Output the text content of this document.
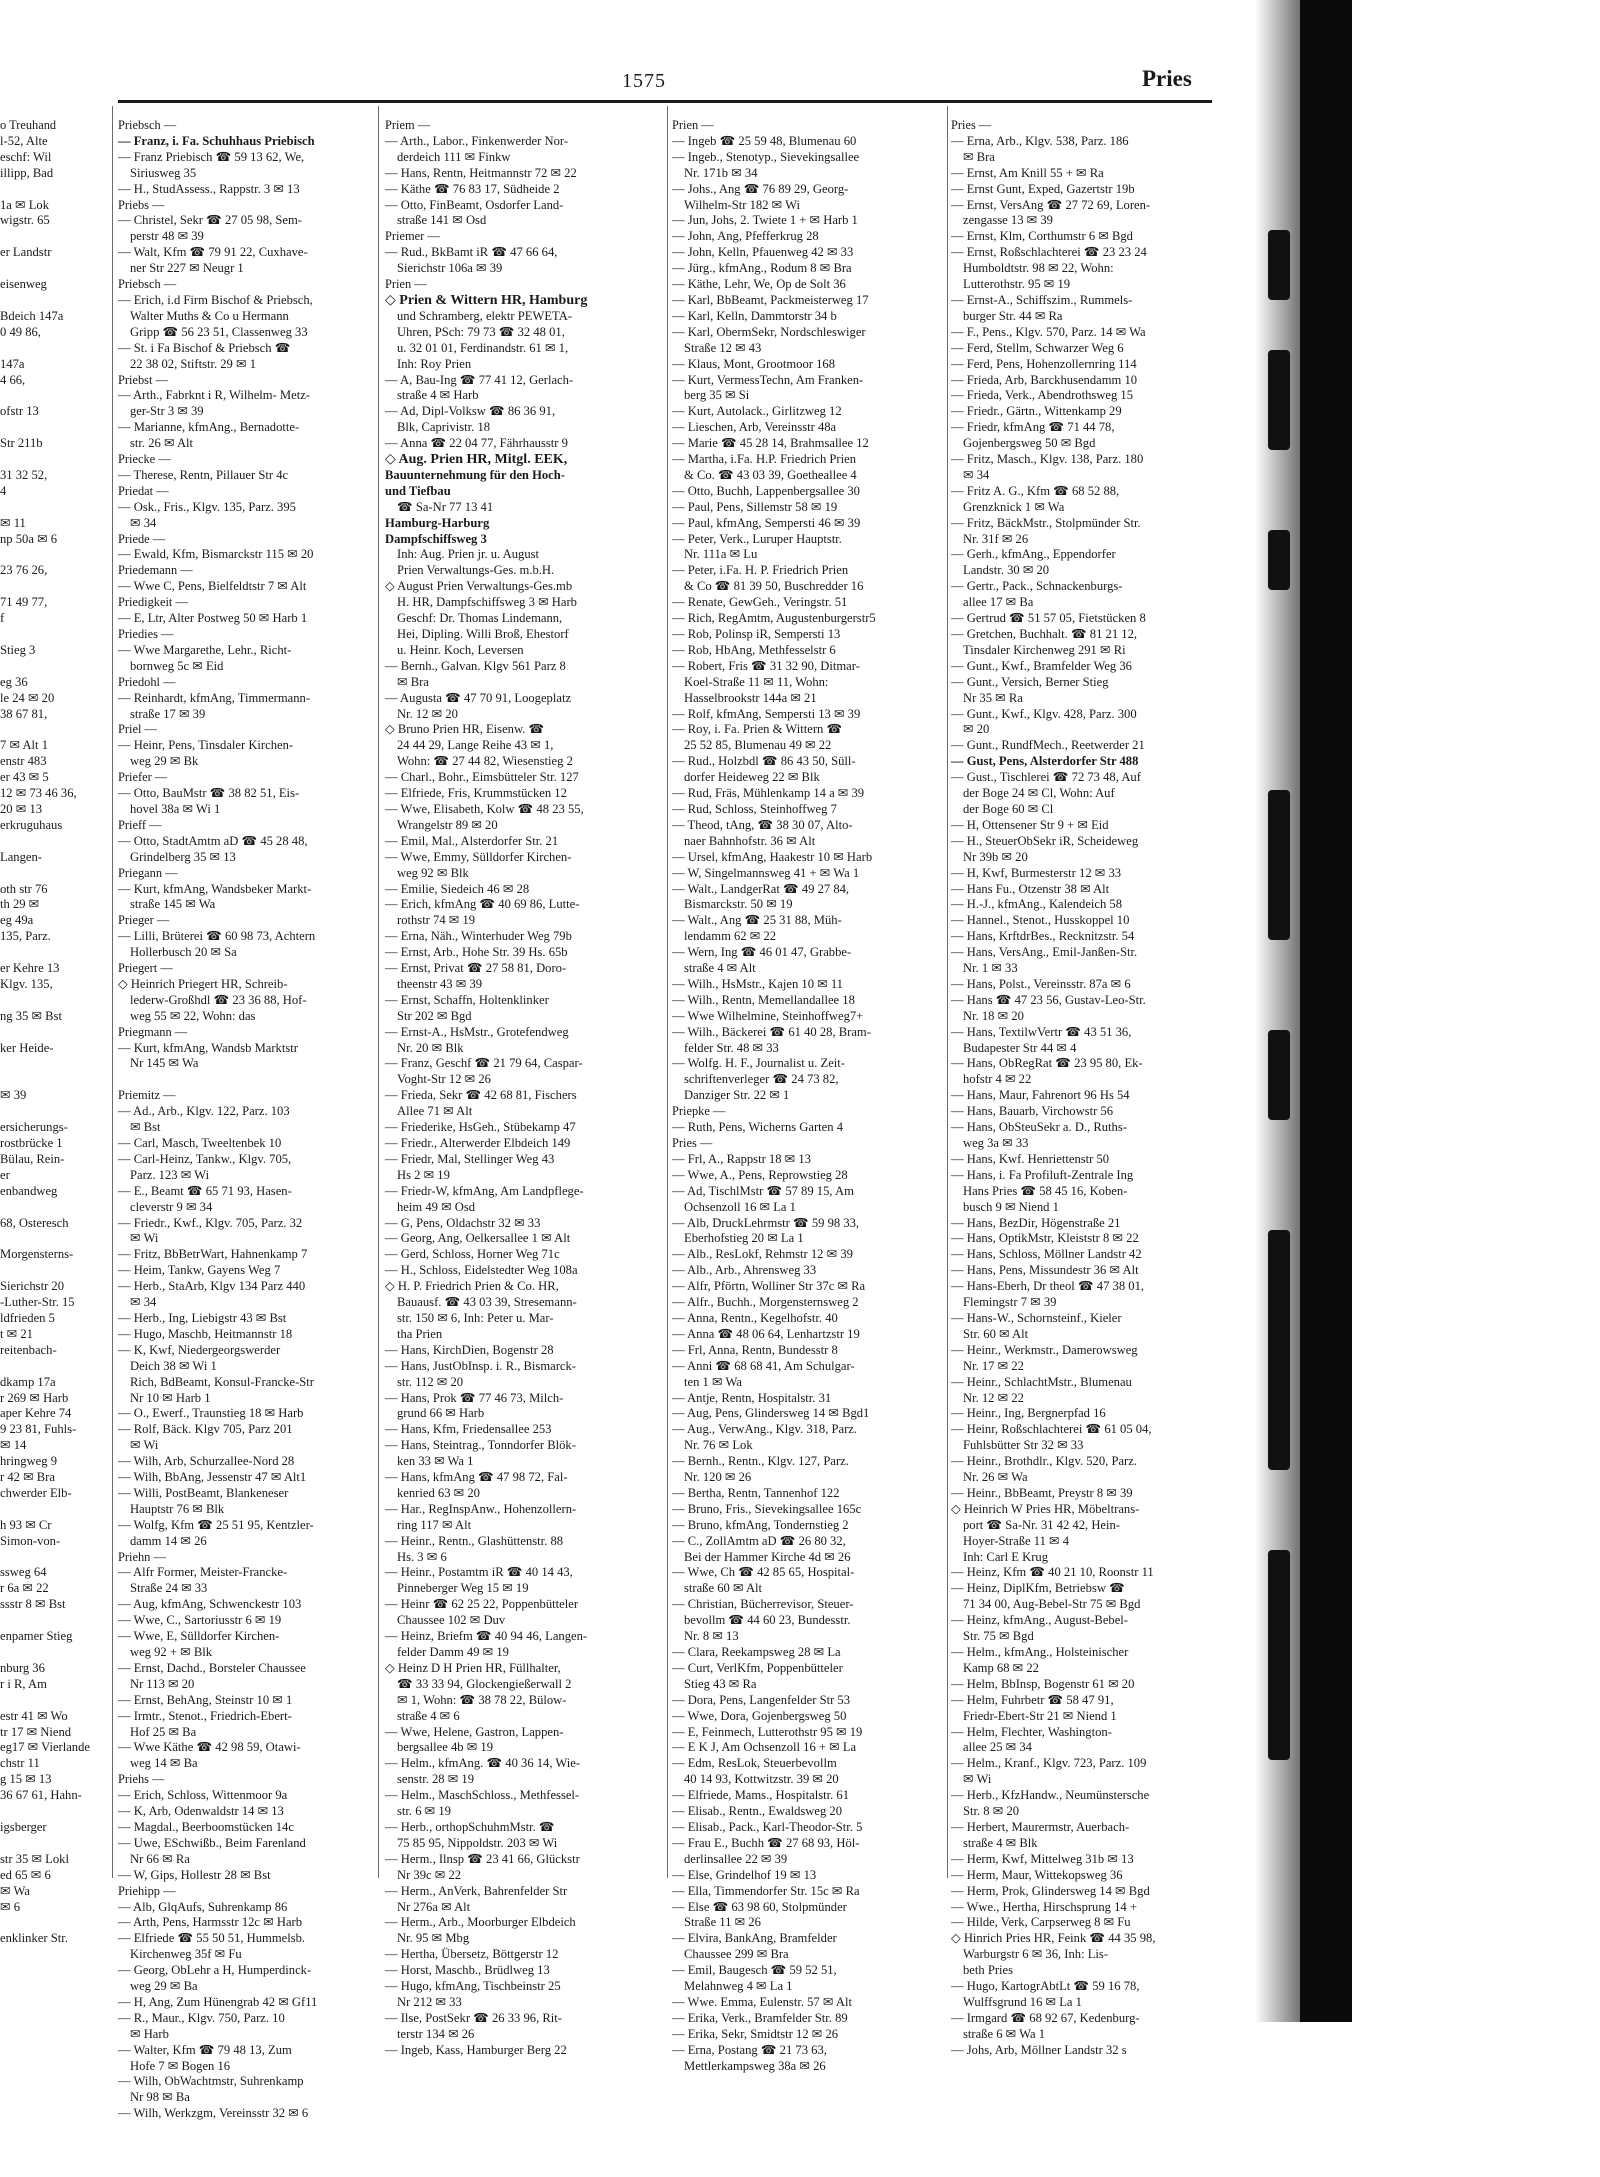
1575	Pries
o Treuhand
l-52, Alte
eschf: Wil
illipp, Bad

1a ✉ Lok
wigstr. 65

er Landstr

eisenweg

Bdeich 147a
0 49 86,

147a
4 66,

ofstr 13

Str 211b

31 32 52,
4

✉ 11
np 50a ✉ 6

23 76 26,

71 49 77,
f

Stieg 3

eg 36
le 24 ✉ 20
38 67 81,

7 ✉ Alt 1
enstr 483
er 43 ✉ 5
12 ✉ 73 46 36,
20 ✉ 13
erkruguhaus

Langen-

oth str 76
th 29 ✉
eg 49a
135, Parz.

er Kehre 13
Klgv. 135,

ng 35 ✉ Bst

ker Heide-

✉ 39

ersicherungs-
rostbrücke 1
Bülau, Rein-
er
enbandweg

68, Osteresch

Morgensterns-

Sierichstr 20
-Luther-Str. 15
ldfrieden 5
t ✉ 21
reitenbach-

dkamp 17a
r 269 ✉ Harb
aper Kehre 74
9 23 81, Fuhls-
✉ 14
hringweg 9
r 42 ✉ Bra
chwerder Elb-

h 93 ✉ Cr
Simon-von-

ssweg 64
r 6a ✉ 22
ssstr 8 ✉ Bst

enpamer Stieg

nburg 36
r i R, Am

estr 41 ✉ Wo
tr 17 ✉ Niend
eg17 ✉ Vierlande
chstr 11
g 15 ✉ 13
36 67 61, Hahn-

igsberger

str 35 ✉ Lokl
ed 65 ✉ 6
✉ Wa
✉ 6

enklinker Str.
Priebsch —
— Franz, i. Fa. Schuhhaus Priebisch
— Franz Priebisch ☎ 59 13 62, We,
Siriusweg 35
— H., StudAssess., Rappstr. 3 ✉ 13
Priebs —
— Christel, Sekr ☎ 27 05 98, Sem-
perstr 48 ✉ 39
— Walt, Kfm ☎ 79 91 22, Cuxhave-
ner Str 227 ✉ Neugr 1
Priebsch —
— Erich, i.d Firm Bischof & Priebsch,
Walter Muths & Co u Hermann
Gripp ☎ 56 23 51, Classenweg 33
— St. i Fa Bischof & Priebsch ☎
22 38 02, Stiftstr. 29 ✉ 1
Priebst —
— Arth., Fabrknt i R, Wilhelm- Metz-
ger-Str 3 ✉ 39
— Marianne, kfmAng., Bernadotte-
str. 26 ✉ Alt
Priecke —
— Therese, Rentn, Pillauer Str 4c
Priedat —
— Osk., Fris., Klgv. 135, Parz. 395
✉ 34
Priede —
— Ewald, Kfm, Bismarckstr 115 ✉ 20
Priedemann —
— Wwe C, Pens, Bielfeldtstr 7 ✉ Alt
Priedigkeit —
— E, Ltr, Alter Postweg 50 ✉ Harb 1
Priedies —
— Wwe Margarethe, Lehr., Richt-
bornweg 5c ✉ Eid
Priedohl —
— Reinhardt, kfmAng, Timmermann-
straße 17 ✉ 39
Priel —
— Heinr, Pens, Tinsdaler Kirchen-
weg 29 ✉ Bk
Priefer —
— Otto, BauMstr ☎ 38 82 51, Eis-
hovel 38a ✉ Wi 1
Prieff —
— Otto, StadtAmtm aD ☎ 45 28 48,
Grindelberg 35 ✉ 13
Priegann —
— Kurt, kfmAng, Wandsbeker Markt-
straße 145 ✉ Wa
Prieger —
— Lilli, Brüterei ☎ 60 98 73, Achtern
Hollerbusch 20 ✉ Sa
Priegert —
◇ Heinrich Priegert HR, Schreib-
lederw-Großhdl ☎ 23 36 88, Hof-
weg 55 ✉ 22, Wohn: das
Priegmann —
— Kurt, kfmAng, Wandsb Marktstr
Nr 145 ✉ Wa

Priemitz —
— Ad., Arb., Klgv. 122, Parz. 103
✉ Bst
— Carl, Masch, Tweeltenbek 10
— Carl-Heinz, Tankw., Klgv. 705,
Parz. 123 ✉ Wi
— E., Beamt ☎ 65 71 93, Hasen-
cleverstr 9 ✉ 34
— Friedr., Kwf., Klgv. 705, Parz. 32
✉ Wi
— Fritz, BbBetrWart, Hahnenkamp 7
— Heim, Tankw, Gayens Weg 7
— Herb., StaArb, Klgv 134 Parz 440
✉ 34
— Herb., Ing, Liebigstr 43 ✉ Bst
— Hugo, Maschb, Heitmannstr 18
— K, Kwf, Niedergeorgswerder
Deich 38 ✉ Wi 1
Rich, BdBeamt, Konsul-Francke-Str
Nr 10 ✉ Harb 1
— O., Ewerf., Traunstieg 18 ✉ Harb
— Rolf, Bäck. Klgv 705, Parz 201
✉ Wi
— Wilh, Arb, Schurzallee-Nord 28
— Wilh, BbAng, Jessenstr 47 ✉ Alt1
— Willi, PostBeamt, Blankeneser
Hauptstr 76 ✉ Blk
— Wolfg, Kfm ☎ 25 51 95, Kentzler-
damm 14 ✉ 26
Priehn —
— Alfr Former, Meister-Francke-
Straße 24 ✉ 33
— Aug, kfmAng, Schwenckestr 103
— Wwe, C., Sartoriusstr 6 ✉ 19
— Wwe, E, Sülldorfer Kirchen-
weg 92 + ✉ Blk
— Ernst, Dachd., Borsteler Chaussee
Nr 113 ✉ 20
— Ernst, BehAng, Steinstr 10 ✉ 1
— Irmtr., Stenot., Friedrich-Ebert-
Hof 25 ✉ Ba
— Wwe Käthe ☎ 42 98 59, Otawi-
weg 14 ✉ Ba
Priehs —
— Erich, Schloss, Wittenmoor 9a
— K, Arb, Odenwaldstr 14 ✉ 13
— Magdal., Beerboomstücken 14c
— Uwe, ESchwißb., Beim Farenland
Nr 66 ✉ Ra
— W, Gips, Hollestr 28 ✉ Bst
Priehipp —
— Alb, GlqAufs, Suhrenkamp 86
— Arth, Pens, Harmsstr 12c ✉ Harb
— Elfriede ☎ 55 50 51, Hummelsb.
Kirchenweg 35f ✉ Fu
— Georg, ObLehr a H, Humperdinck-
weg 29 ✉ Ba
— H, Ang, Zum Hünengrab 42 ✉ Gf11
— R., Maur., Klgv. 750, Parz. 10
✉ Harb
— Walter, Kfm ☎ 79 48 13, Zum
Hofe 7 ✉ Bogen 16
— Wilh, ObWachtmstr, Suhrenkamp
Nr 98 ✉ Ba
— Wilh, Werkzgm, Vereinsstr 32 ✉ 6
Priem —
— Arth., Labor., Finkenwerder Nor-
derdeich 111 ✉ Finkw
— Hans, Rentn, Heitmannstr 72 ✉ 22
— Käthe ☎ 76 83 17, Südheide 2
— Otto, FinBeamt, Osdorfer Land-
straße 141 ✉ Osd
Priemer —
— Rud., BkBamt iR ☎ 47 66 64,
Sierichstr 106a ✉ 39
Prien —
◇ Prien & Wittern HR, Hamburg
und Schramberg, elektr PEWETA-
Uhren, PSch: 79 73 ☎ 32 48 01,
u. 32 01 01, Ferdinandstr. 61 ✉ 1,
Inh: Roy Prien
— A, Bau-Ing ☎ 77 41 12, Gerlach-
straße 4 ✉ Harb
— Ad, Dipl-Volksw ☎ 86 36 91,
Blk, Caprivistr. 18
— Anna ☎ 22 04 77, Fährhausstr 9
◇ Aug. Prien HR, Mitgl. EEK,
Bauunternehmung für den Hoch-
und Tiefbau
☎ Sa-Nr 77 13 41
Hamburg-Harburg
Dampfschiffsweg 3
Inh: Aug. Prien jr. u. August
Prien Verwaltungs-Ges. m.b.H.
◇ August Prien Verwaltungs-Ges.mb
H. HR, Dampfschiffsweg 3 ✉ Harb
Geschf: Dr. Thomas Lindemann,
Hei, Dipling. Willi Broß, Ehestorf
u. Heinr. Koch, Leversen
— Bernh., Galvan. Klgv 561 Parz 8
✉ Bra
— Augusta ☎ 47 70 91, Loogeplatz
Nr. 12 ✉ 20
◇ Bruno Prien HR, Eisenw. ☎
24 44 29, Lange Reihe 43 ✉ 1,
Wohn: ☎ 27 44 82, Wiesenstieg 2
— Charl., Bohr., Eimsbütteler Str. 127
— Elfriede, Fris, Krummstücken 12
— Wwe, Elisabeth, Kolw ☎ 48 23 55,
Wrangelstr 89 ✉ 20
— Emil, Mal., Alsterdorfer Str. 21
— Wwe, Emmy, Sülldorfer Kirchen-
weg 92 ✉ Blk
— Emilie, Siedeich 46 ✉ 28
— Erich, kfmAng ☎ 40 69 86, Lutte-
rothstr 74 ✉ 19
— Erna, Näh., Winterhuder Weg 79b
— Ernst, Arb., Hohe Str. 39 Hs. 65b
— Ernst, Privat ☎ 27 58 81, Doro-
theenstr 43 ✉ 39
— Ernst, Schaffn, Holtenklinker
Str 202 ✉ Bgd
— Ernst-A., HsMstr., Grotefendweg
Nr. 20 ✉ Blk
— Franz, Geschf ☎ 21 79 64, Caspar-
Voght-Str 12 ✉ 26
— Frieda, Sekr ☎ 42 68 81, Fischers
Allee 71 ✉ Alt
— Friederike, HsGeh., Stübekamp 47
— Friedr., Alterwerder Elbdeich 149
— Friedr, Mal, Stellinger Weg 43
Hs 2 ✉ 19
— Friedr-W, kfmAng, Am Landpflege-
heim 49 ✉ Osd
— G, Pens, Oldachstr 32 ✉ 33
— Georg, Ang, Oelkersallee 1 ✉ Alt
— Gerd, Schloss, Horner Weg 71c
— H., Schloss, Eidelstedter Weg 108a
◇ H. P. Friedrich Prien & Co. HR,
Bauausf. ☎ 43 03 39, Stresemann-
str. 150 ✉ 6, Inh: Peter u. Mar-
tha Prien
— Hans, KirchDien, Bogenstr 28
— Hans, JustObInsp. i. R., Bismarck-
str. 112 ✉ 20
— Hans, Prok ☎ 77 46 73, Milch-
grund 66 ✉ Harb
— Hans, Kfm, Friedensallee 253
— Hans, Steintrag., Tonndorfer Blök-
ken 33 ✉ Wa 1
— Hans, kfmAng ☎ 47 98 72, Fal-
kenried 63 ✉ 20
— Har., RegInspAnw., Hohenzollern-
ring 117 ✉ Alt
— Heinr., Rentn., Glashüttenstr. 88
Hs. 3 ✉ 6
— Heinr., Postamtm iR ☎ 40 14 43,
Pinneberger Weg 15 ✉ 19
— Heinr ☎ 62 25 22, Poppenbütteler
Chaussee 102 ✉ Duv
— Heinz, Briefm ☎ 40 94 46, Langen-
felder Damm 49 ✉ 19
◇ Heinz D H Prien HR, Füllhalter,
☎ 33 33 94, Glockengießerwall 2
✉ 1, Wohn: ☎ 38 78 22, Bülow-
straße 4 ✉ 6
— Wwe, Helene, Gastron, Lappen-
bergsallee 4b ✉ 19
— Helm., kfmAng. ☎ 40 36 14, Wie-
senstr. 28 ✉ 19
— Helm., MaschSchloss., Methfessel-
str. 6 ✉ 19
— Herb., orthopSchuhmMstr. ☎
75 85 95, Nippoldstr. 203 ✉ Wi
— Herm., Ilnsp ☎ 23 41 66, Glückstr
Nr 39c ✉ 22
— Herm., AnVerk, Bahrenfelder Str
Nr 276a ✉ Alt
— Herm., Arb., Moorburger Elbdeich
Nr. 95 ✉ Mbg
— Hertha, Übersetz, Böttgerstr 12
— Horst, Maschb., Brüdlweg 13
— Hugo, kfmAng, Tischbeinstr 25
Nr 212 ✉ 33
— Ilse, PostSekr ☎ 26 33 96, Rit-
terstr 134 ✉ 26
— Ingeb, Kass, Hamburger Berg 22
Prien —
— Ingeb ☎ 25 59 48, Blumenau 60
— Ingeb., Stenotyp., Sievekingsallee
Nr. 171b ✉ 34
— Johs., Ang ☎ 76 89 29, Georg-
Wilhelm-Str 182 ✉ Wi
— Jun, Johs, 2. Twiete 1 + ✉ Harb 1
— John, Ang, Pfefferkrug 28
— John, Kelln, Pfauenweg 42 ✉ 33
— Jürg., kfmAng., Rodum 8 ✉ Bra
— Käthe, Lehr, We, Op de Solt 36
— Karl, BbBeamt, Packmeisterweg 17
— Karl, Kelln, Dammtorstr 34 b
— Karl, ObermSekr, Nordschleswiger
Straße 12 ✉ 43
— Klaus, Mont, Grootmoor 168
— Kurt, VermessTechn, Am Franken-
berg 35 ✉ Si
— Kurt, Autolack., Girlitzweg 12
— Lieschen, Arb, Vereinsstr 48a
— Marie ☎ 45 28 14, Brahmsallee 12
— Martha, i.Fa. H.P. Friedrich Prien
& Co. ☎ 43 03 39, Goetheallee 4
— Otto, Buchh, Lappenbergsallee 30
— Paul, Pens, Sillemstr 58 ✉ 19
— Paul, kfmAng, Sempersti 46 ✉ 39
— Peter, Verk., Luruper Hauptstr.
Nr. 111a ✉ Lu
— Peter, i.Fa. H. P. Friedrich Prien
& Co ☎ 81 39 50, Buschredder 16
— Renate, GewGeh., Veringstr. 51
— Rich, RegAmtm, Augustenburgerstr5
— Rob, Polinsp iR, Sempersti 13
— Rob, HbAng, Methfesselstr 6
— Robert, Fris ☎ 31 32 90, Ditmar-
Koel-Straße 11 ✉ 11, Wohn:
Hasselbrookstr 144a ✉ 21
— Rolf, kfmAng, Sempersti 13 ✉ 39
— Roy, i. Fa. Prien & Wittern ☎
25 52 85, Blumenau 49 ✉ 22
— Rud., Holzbdl ☎ 86 43 50, Süll-
dorfer Heideweg 22 ✉ Blk
— Rud, Fräs, Mühlenkamp 14 a ✉ 39
— Rud, Schloss, Steinhoffweg 7
— Theod, tAng, ☎ 38 30 07, Alto-
naer Bahnhofstr. 36 ✉ Alt
— Ursel, kfmAng, Haakestr 10 ✉ Harb
— W, Singelmannsweg 41 + ✉ Wa 1
— Walt., LandgerRat ☎ 49 27 84,
Bismarckstr. 50 ✉ 19
— Walt., Ang ☎ 25 31 88, Müh-
lendamm 62 ✉ 22
— Wern, Ing ☎ 46 01 47, Grabbe-
straße 4 ✉ Alt
— Wilh., HsMstr., Kajen 10 ✉ 11
— Wilh., Rentn, Memellandallee 18
— Wwe Wilhelmine, Steinhoffweg7+
— Wilh., Bäckerei ☎ 61 40 28, Bram-
felder Str. 48 ✉ 33
— Wolfg. H. F., Journalist u. Zeit-
schriftenverleger ☎ 24 73 82,
Danziger Str. 22 ✉ 1
Priepke —
— Ruth, Pens, Wicherns Garten 4
Pries —
— Frl, A., Rappstr 18 ✉ 13
— Wwe, A., Pens, Reprowstieg 28
— Ad, TischlMstr ☎ 57 89 15, Am
Ochsenzoll 16 ✉ La 1
— Alb, DruckLehrmstr ☎ 59 98 33,
Eberhofstieg 20 ✉ La 1
— Alb., ResLokf, Rehmstr 12 ✉ 39
— Alb., Arb., Ahrensweg 33
— Alfr, Pförtn, Wolliner Str 37c ✉ Ra
— Alfr., Buchh., Morgensternsweg 2
— Anna, Rentn., Kegelhofstr. 40
— Anna ☎ 48 06 64, Lenhartzstr 19
— Frl, Anna, Rentn, Bundesstr 8
— Anni ☎ 68 68 41, Am Schulgar-
ten 1 ✉ Wa
— Antje, Rentn, Hospitalstr. 31
— Aug, Pens, Glindersweg 14 ✉ Bgd1
— Aug., VerwAng., Klgv. 318, Parz.
Nr. 76 ✉ Lok
— Bernh., Rentn., Klgv. 127, Parz.
Nr. 120 ✉ 26
— Bertha, Rentn, Tannenhof 122
— Bruno, Fris., Sievekingsallee 165c
— Bruno, kfmAng, Tondernstieg 2
— C., ZollAmtm aD ☎ 26 80 32,
Bei der Hammer Kirche 4d ✉ 26
— Wwe, Ch ☎ 42 85 65, Hospital-
straße 60 ✉ Alt
— Christian, Bücherrevisor, Steuer-
bevollm ☎ 44 60 23, Bundesstr.
Nr. 8 ✉ 13
— Clara, Reekampsweg 28 ✉ La
— Curt, VerlKfm, Poppenbütteler
Stieg 43 ✉ Ra
— Dora, Pens, Langenfelder Str 53
— Wwe, Dora, Gojenbergsweg 50
— E, Feinmech, Lutterothstr 95 ✉ 19
— E K J, Am Ochsenzoll 16 + ✉ La
— Edm, ResLok, Steuerbevollm
40 14 93, Kottwitzstr. 39 ✉ 20
— Elfriede, Mams., Hospitalstr. 61
— Elisab., Rentn., Ewaldsweg 20
— Elisab., Pack., Karl-Theodor-Str. 5
— Frau E., Buchh ☎ 27 68 93, Höl-
derlinsallee 22 ✉ 39
— Else, Grindelhof 19 ✉ 13
— Ella, Timmendorfer Str. 15c ✉ Ra
— Else ☎ 63 98 60, Stolpmünder
Straße 11 ✉ 26
— Elvira, BankAng, Bramfelder
Chaussee 299 ✉ Bra
— Emil, Baugesch ☎ 59 52 51,
Melahnweg 4 ✉ La 1
— Wwe. Emma, Eulenstr. 57 ✉ Alt
— Erika, Verk., Bramfelder Str. 89
— Erika, Sekr, Smidtstr 12 ✉ 26
— Erna, Postang ☎ 21 73 63,
Mettlerkampsweg 38a ✉ 26
Pries —
— Erna, Arb., Klgv. 538, Parz. 186
✉ Bra
— Ernst, Am Knill 55 + ✉ Ra
— Ernst Gunt, Exped, Gazertstr 19b
— Ernst, VersAng ☎ 27 72 69, Loren-
zengasse 13 ✉ 39
— Ernst, Klm, Corthumstr 6 ✉ Bgd
— Ernst, Roßschlachterei ☎ 23 23 24
Humboldtstr. 98 ✉ 22, Wohn:
Lutterothstr. 95 ✉ 19
— Ernst-A., Schiffszim., Rummels-
burger Str. 44 ✉ Ra
— F., Pens., Klgv. 570, Parz. 14 ✉ Wa
— Ferd, Stellm, Schwarzer Weg 6
— Ferd, Pens, Hohenzollernring 114
— Frieda, Arb, Barckhusendamm 10
— Frieda, Verk., Abendrothsweg 15
— Friedr., Gärtn., Wittenkamp 29
— Friedr, kfmAng ☎ 71 44 78,
Gojenbergsweg 50 ✉ Bgd
— Fritz, Masch., Klgv. 138, Parz. 180
✉ 34
— Fritz A. G., Kfm ☎ 68 52 88,
Grenzknick 1 ✉ Wa
— Fritz, BäckMstr., Stolpmünder Str.
Nr. 31f ✉ 26
— Gerh., kfmAng., Eppendorfer
Landstr. 30 ✉ 20
— Gertr., Pack., Schnackenburgs-
allee 17 ✉ Ba
— Gertrud ☎ 51 57 05, Fietstücken 8
— Gretchen, Buchhalt. ☎ 81 21 12,
Tinsdaler Kirchenweg 291 ✉ Ri
— Gunt., Kwf., Bramfelder Weg 36
— Gunt., Versich, Berner Stieg
Nr 35 ✉ Ra
— Gunt., Kwf., Klgv. 428, Parz. 300
✉ 20
— Gunt., RundfMech., Reetwerder 21
— Gust, Pens, Alsterdorfer Str 488
— Gust., Tischlerei ☎ 72 73 48, Auf
der Boge 24 ✉ Cl, Wohn: Auf
der Boge 60 ✉ Cl
— H, Ottensener Str 9 + ✉ Eid
— H., SteuerObSekr iR, Scheideweg
Nr 39b ✉ 20
— H, Kwf, Burmesterstr 12 ✉ 33
— Hans Fu., Otzenstr 38 ✉ Alt
— H.-J., kfmAng., Kalendeich 58
— Hannel., Stenot., Husskoppel 10
— Hans, KrftdrBes., Recknitzstr. 54
— Hans, VersAng., Emil-Janßen-Str.
Nr. 1 ✉ 33
— Hans, Polst., Vereinsstr. 87a ✉ 6
— Hans ☎ 47 23 56, Gustav-Leo-Str.
Nr. 18 ✉ 20
— Hans, TextilwVertr ☎ 43 51 36,
Budapester Str 44 ✉ 4
— Hans, ObRegRat ☎ 23 95 80, Ek-
hofstr 4 ✉ 22
— Hans, Maur, Fahrenort 96 Hs 54
— Hans, Bauarb, Virchowstr 56
— Hans, ObSteuSekr a. D., Ruths-
weg 3a ✉ 33
— Hans, Kwf. Henriettenstr 50
— Hans, i. Fa Profiluft-Zentrale Ing
Hans Pries ☎ 58 45 16, Koben-
busch 9 ✉ Niend 1
— Hans, BezDir, Högenstraße 21
— Hans, OptikMstr, Kleiststr 8 ✉ 22
— Hans, Schloss, Möllner Landstr 42
— Hans, Pens, Missundestr 36 ✉ Alt
— Hans-Eberh, Dr theol ☎ 47 38 01,
Flemingstr 7 ✉ 39
— Hans-W., Schornsteinf., Kieler
Str. 60 ✉ Alt
— Heinr., Werkmstr., Damerowsweg
Nr. 17 ✉ 22
— Heinr., SchlachtMstr., Blumenau
Nr. 12 ✉ 22
— Heinr., Ing, Bergnerpfad 16
— Heinr, Roßschlachterei ☎ 61 05 04,
Fuhlsbütter Str 32 ✉ 33
— Heinr., Brothdlr., Klgv. 520, Parz.
Nr. 26 ✉ Wa
— Heinr., BbBeamt, Preystr 8 ✉ 39
◇ Heinrich W Pries HR, Möbeltrans-
port ☎ Sa-Nr. 31 42 42, Hein-
Hoyer-Straße 11 ✉ 4
Inh: Carl E Krug
— Heinz, Kfm ☎ 40 21 10, Roonstr 11
— Heinz, DiplKfm, Betriebsw ☎
71 34 00, Aug-Bebel-Str 75 ✉ Bgd
— Heinz, kfmAng., August-Bebel-
Str. 75 ✉ Bgd
— Helm., kfmAng., Holsteinischer
Kamp 68 ✉ 22
— Helm, BbInsp, Bogenstr 61 ✉ 20
— Helm, Fuhrbetr ☎ 58 47 91,
Friedr-Ebert-Str 21 ✉ Niend 1
— Helm, Flechter, Washington-
allee 25 ✉ 34
— Helm., Kranf., Klgv. 723, Parz. 109
✉ Wi
— Herb., KfzHandw., Neumünstersche
Str. 8 ✉ 20
— Herbert, Maurermstr, Auerbach-
straße 4 ✉ Blk
— Herm, Kwf, Mittelweg 31b ✉ 13
— Herm, Maur, Wittekopsweg 36
— Herm, Prok, Glindersweg 14 ✉ Bgd
— Wwe., Hertha, Hirschsprung 14 +
— Hilde, Verk, Carpserweg 8 ✉ Fu
◇ Hinrich Pries HR, Feink ☎ 44 35 98,
Warburgstr 6 ✉ 36, Inh: Lis-
beth Pries
— Hugo, KartogrAbtLt ☎ 59 16 78,
Wulffsgrund 16 ✉ La 1
— Irmgard ☎ 68 92 67, Kedenburg-
straße 6 ✉ Wa 1
— Johs, Arb, Möllner Landstr 32 s
